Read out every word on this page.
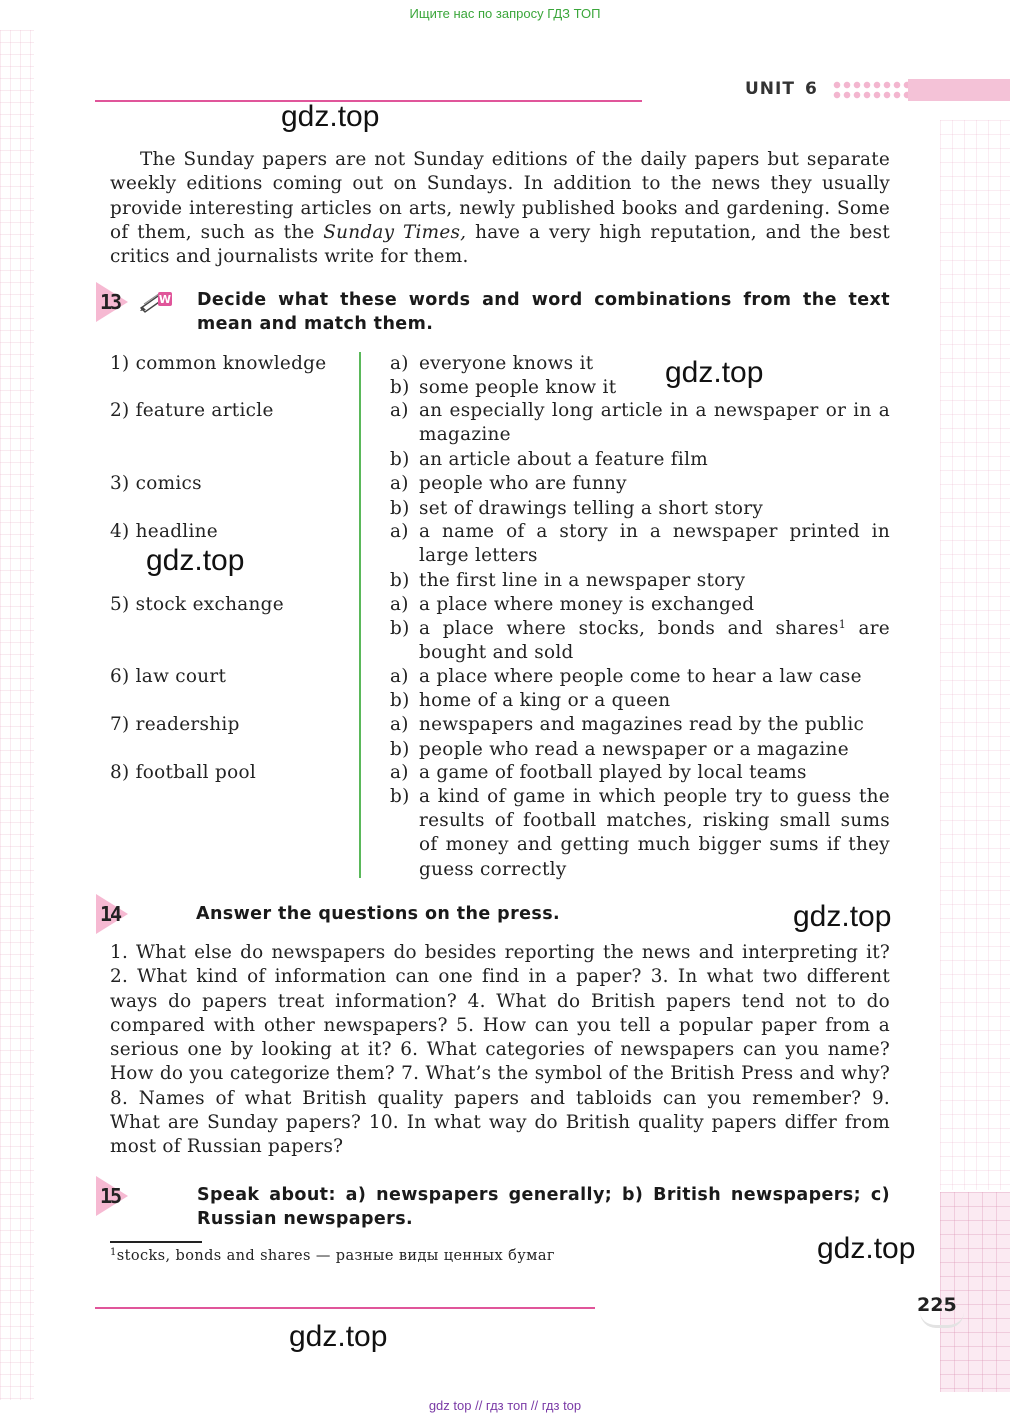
Ищите нас по запросу ГДЗ ТОП
UNIT 6
gdz.top
The Sunday papers are not Sunday editions of the daily papers but separate weekly editions coming out on Sundays. In addition to the news they usually provide interesting articles on arts, newly published books and gardening. Some of them, such as the Sunday Times, have a very high reputation, and the best critics and journalists write for them.
13	W Decide what these words and word combinations from the text mean and match them.
1) common knowledge	a) everyone knows it
b) some people know it	gdz.top
2) feature article	a) an especially long article in a newspaper or in a magazine
b) an article about a feature film
3) comics	a) people who are funny
b) set of drawings telling a short story
4) headline	a) a name of a story in a newspaper printed in large letters
gdz.top
b) the first line in a newspaper story
5) stock exchange	a) a place where money is exchanged
b) a place where stocks, bonds and shares$^1$ are bought and sold
6) law court	a) a place where people come to hear a law case
b) home of a king or a queen
7) readership	a) newspapers and magazines read by the public
b) people who read a newspaper or a magazine
8) football pool	a) a game of football played by local teams
b) a kind of game in which people try to guess the results of football matches, risking small sums of money and getting much bigger sums if they guess correctly
14	Answer the questions on the press.	gdz.top
1. What else do newspapers do besides reporting the news and interpreting it? 2. What kind of information can one find in a paper? 3. In what two different ways do papers treat information? 4. What do British papers tend not to do compared with other newspapers? 5. How can you tell a popular paper from a serious one by looking at it? 6. What categories of newspapers can you name? How do you categorize them? 7. What’s the symbol of the British Press and why? 8. Names of what British quality papers and tabloids can you remember? 9. What are Sunday papers? 10. In what way do British quality papers differ from most of Russian papers?
15	Speak about: a) newspapers generally; b) British newspapers; c) Russian newspapers.
$^1$stocks, bonds and shares — разные виды ценных бумаг	gdz.top
225
gdz.top
gdz top // гдз топ // гдз top
